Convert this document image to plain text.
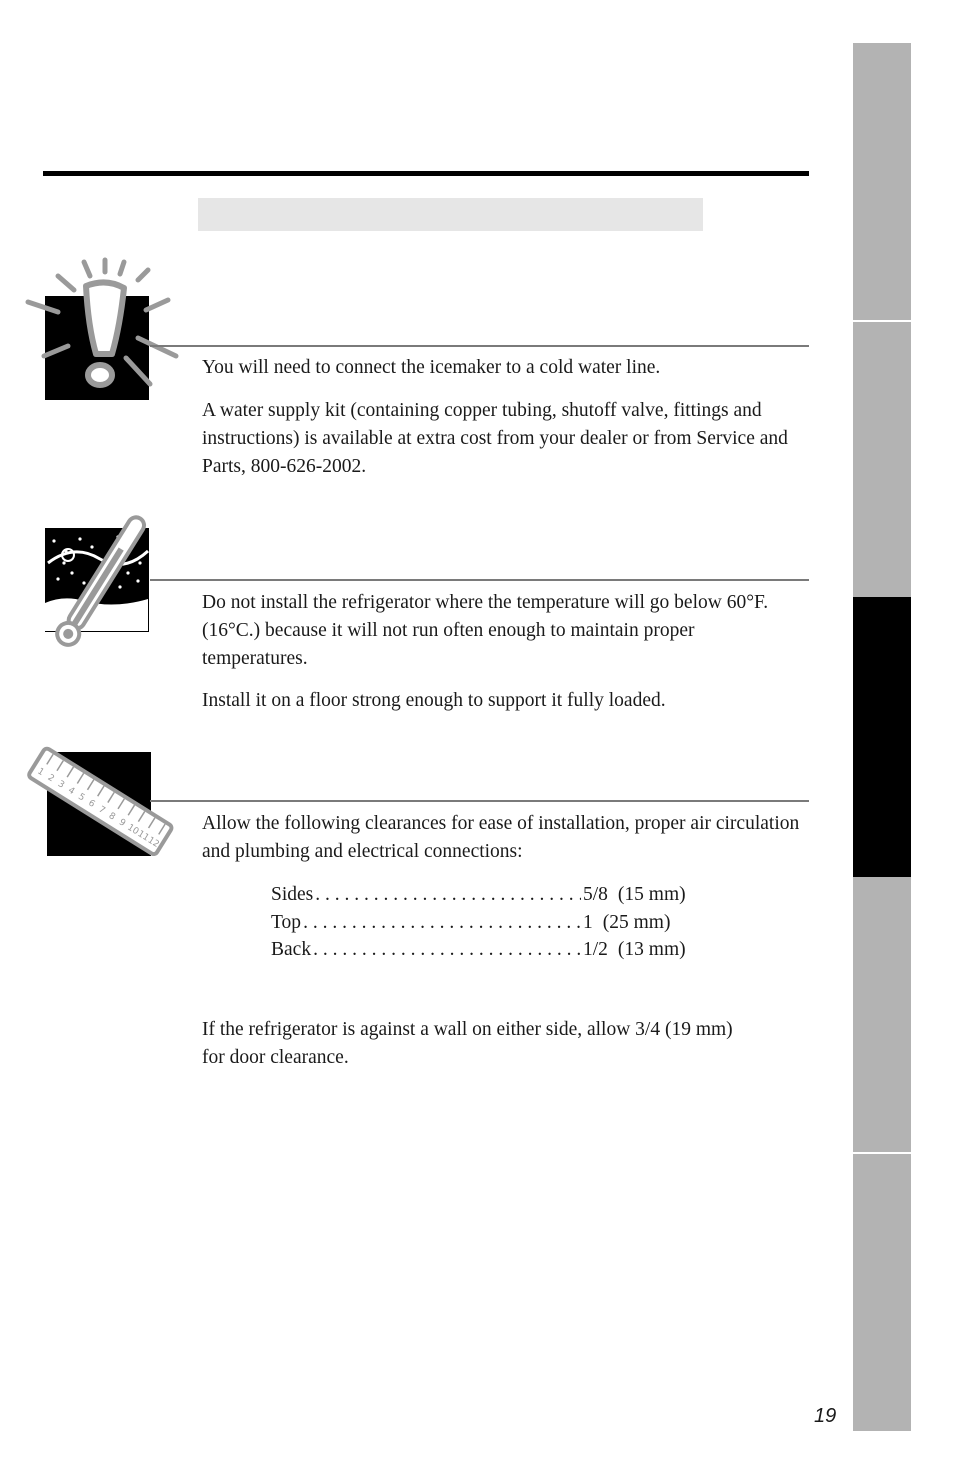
You will need to connect the icemaker to a cold water line.

A water supply kit (containing copper tubing, shutoff valve, fittings and instructions) is available at extra cost from your dealer or from Service and Parts, 800-626-2002.

Do not install the refrigerator where the temperature will go below 60°F. (16°C.) because it will not run often enough to maintain proper temperatures.

Install it on a floor strong enough to support it fully loaded.

1
2
3
4
5
6
7
8
9
10
11
12

Allow the following clearances for ease of installation, proper air circulation and plumbing and electrical connections:

Sides . . .	5/8 (15 mm)
Top . . .	1 (25 mm)
Back . . .	1/2 (13 mm)

If the refrigerator is against a wall on either side, allow 3/4 (19 mm) for door clearance.

19
